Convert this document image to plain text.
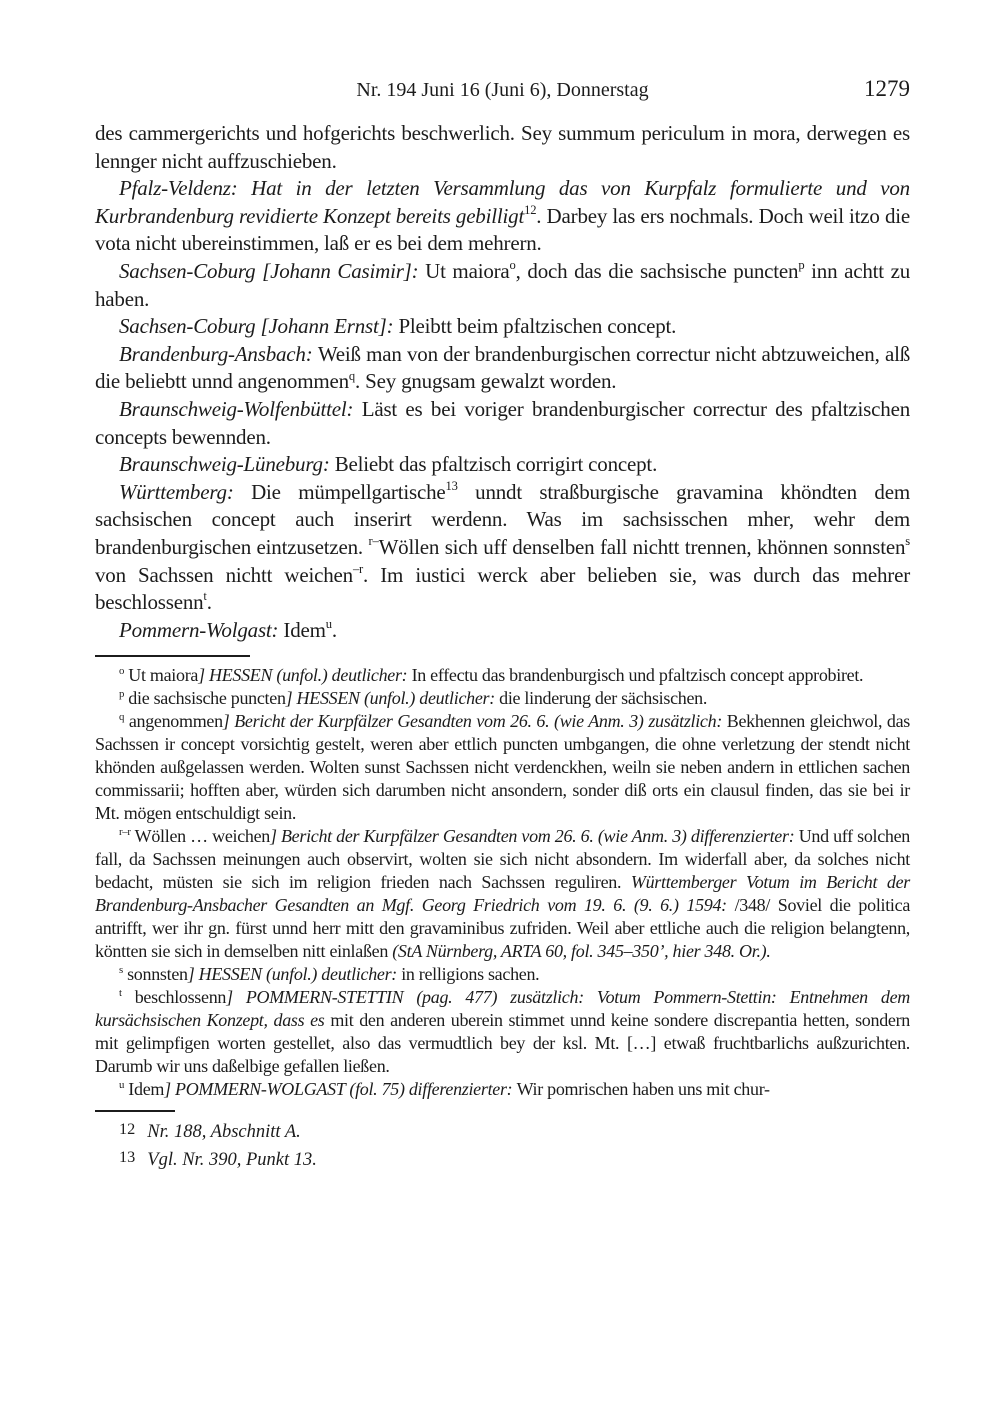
Nr. 194 Juni 16 (Juni 6), Donnerstag	1279

des cammergerichts und hofgerichts beschwerlich. Sey summum periculum in mora, derwegen es lennger nicht auffzuschieben.

Pfalz-Veldenz: Hat in der letzten Versammlung das von Kurpfalz formulierte und von Kurbrandenburg revidierte Konzept bereits gebilligt$^{12}$. Darbey las ers nochmals. Doch weil itzo die vota nicht ubereinstimmen, laß er es bei dem mehrern.

Sachsen-Coburg [Johann Casimir]: Ut maiora$^o$, doch das die sachsische puncten$^p$ inn achtt zu haben.

Sachsen-Coburg [Johann Ernst]: Pleibtt beim pfaltzischen concept.

Brandenburg-Ansbach: Weiß man von der brandenburgischen correctur nicht abtzuweichen, alß die beliebtt unnd angenommen$^q$. Sey gnugsam gewalzt worden.

Braunschweig-Wolfenbüttel: Läst es bei voriger brandenburgischer correctur des pfaltzischen concepts bewennden.

Braunschweig-Lüneburg: Beliebt das pfaltzisch corrigirt concept.

Württemberg: Die mümpellgartische$^{13}$ unndt straßburgische gravamina khöndten dem sachsischen concept auch inserirt werdenn. Was im sachsisschen mher, wehr dem brandenburgischen eintzusetzen. $^{r-}$Wöllen sich uff denselben fall nichtt trennen, khönnen sonnsten$^s$ von Sachssen nichtt weichen$^{-r}$. Im iustici werck aber belieben sie, was durch das mehrer beschlossenn$^t$.

Pommern-Wolgast: Idem$^u$.

$^o$ Ut maiora] HESSEN (unfol.) deutlicher: In effectu das brandenburgisch und pfaltzisch concept approbiret.

$^p$ die sachsische puncten] HESSEN (unfol.) deutlicher: die linderung der sächsischen.

$^q$ angenommen] Bericht der Kurpfälzer Gesandten vom 26. 6. (wie Anm. 3) zusätzlich: Bekhennen gleichwol, das Sachssen ir concept vorsichtig gestelt, weren aber ettlich puncten umbgangen, die ohne verletzung der stendt nicht khönden außgelassen werden. Wolten sunst Sachssen nicht verdenckhen, weiln sie neben andern in ettlichen sachen commissarii; hofften aber, würden sich darumben nicht ansondern, sonder diß orts ein clausul finden, das sie bei ir Mt. mögen entschuldigt sein.

$^{r-r}$ Wöllen … weichen] Bericht der Kurpfälzer Gesandten vom 26. 6. (wie Anm. 3) differenzierter: Und uff solchen fall, da Sachssen meinungen auch observirt, wolten sie sich nicht absondern. Im widerfall aber, da solches nicht bedacht, müsten sie sich im religion frieden nach Sachssen reguliren. Württemberger Votum im Bericht der Brandenburg-Ansbacher Gesandten an Mgf. Georg Friedrich vom 19. 6. (9. 6.) 1594: /348/ Soviel die politica antrifft, wer ihr gn. fürst unnd herr mitt den gravaminibus zufriden. Weil aber ettliche auch die religion belangtenn, köntten sie sich in demselben nitt einlaßen (StA Nürnberg, ARTA 60, fol. 345–350’, hier 348. Or.).

$^s$ sonnsten] HESSEN (unfol.) deutlicher: in relligions sachen.

$^t$ beschlossenn] POMMERN-STETTIN (pag. 477) zusätzlich: Votum Pommern-Stettin: Entnehmen dem kursächsischen Konzept, dass es mit den anderen uberein stimmet unnd keine sondere discrepantia hetten, sondern mit gelimpfigen worten gestellet, also das vermudtlich bey der ksl. Mt. […] etwaß fruchtbarlichs außzurichten. Darumb wir uns daßelbige gefallen ließen.

$^u$ Idem] POMMERN-WOLGAST (fol. 75) differenzierter: Wir pomrischen haben uns mit chur-

12 Nr. 188, Abschnitt A.

13 Vgl. Nr. 390, Punkt 13.
